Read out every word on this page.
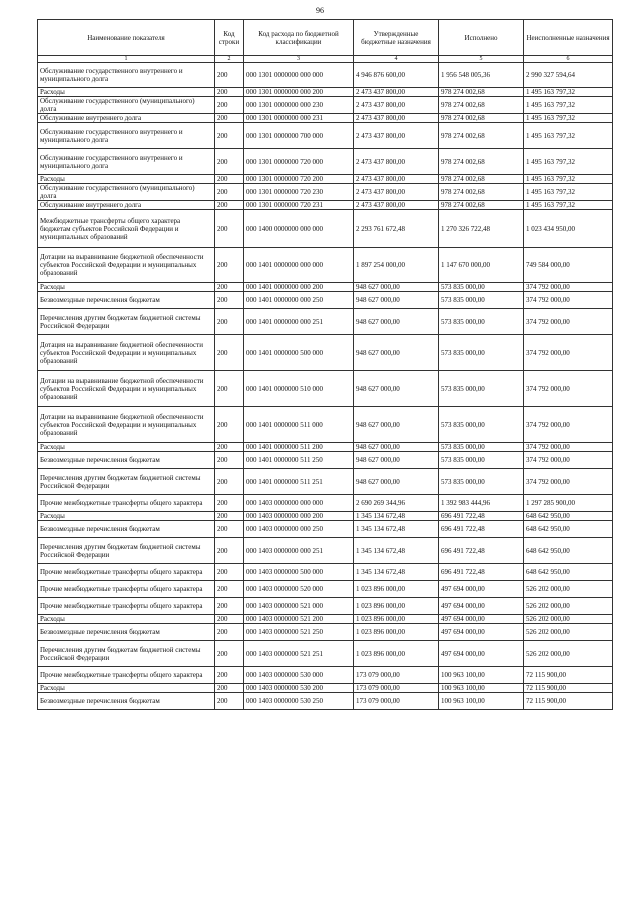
96
Наименование показателя	Код строки	Код расхода по бюджетной классификации	Утвержденные бюджетные назначения	Исполнено	Неисполненные назначения
1	2	3	4	5	6
Обслуживание государственного внутреннего и муниципального долга	200	000 1301 0000000 000 000	4 946 876 600,00	1 956 548 005,36	2 990 327 594,64
Расходы	200	000 1301 0000000 000 200	2 473 437 800,00	978 274 002,68	1 495 163 797,32
Обслуживание государственного (муниципального) долга	200	000 1301 0000000 000 230	2 473 437 800,00	978 274 002,68	1 495 163 797,32
Обслуживание внутреннего долга	200	000 1301 0000000 000 231	2 473 437 800,00	978 274 002,68	1 495 163 797,32
Обслуживание государственного внутреннего и муниципального долга	200	000 1301 0000000 700 000	2 473 437 800,00	978 274 002,68	1 495 163 797,32
Обслуживание государственного внутреннего и муниципального долга	200	000 1301 0000000 720 000	2 473 437 800,00	978 274 002,68	1 495 163 797,32
Расходы	200	000 1301 0000000 720 200	2 473 437 800,00	978 274 002,68	1 495 163 797,32
Обслуживание государственного (муниципального) долга	200	000 1301 0000000 720 230	2 473 437 800,00	978 274 002,68	1 495 163 797,32
Обслуживание внутреннего долга	200	000 1301 0000000 720 231	2 473 437 800,00	978 274 002,68	1 495 163 797,32
Межбюджетные трансферты общего характера бюджетам субъектов Российской Федерации и муниципальных образований	200	000 1400 0000000 000 000	2 293 761 672,48	1 270 326 722,48	1 023 434 950,00
Дотации на выравнивание бюджетной обеспеченности субъектов Российской Федерации и муниципальных образований	200	000 1401 0000000 000 000	1 897 254 000,00	1 147 670 000,00	749 584 000,00
Расходы	200	000 1401 0000000 000 200	948 627 000,00	573 835 000,00	374 792 000,00
Безвозмездные перечисления бюджетам	200	000 1401 0000000 000 250	948 627 000,00	573 835 000,00	374 792 000,00
Перечисления другим бюджетам бюджетной системы Российской Федерации	200	000 1401 0000000 000 251	948 627 000,00	573 835 000,00	374 792 000,00
Дотация на выравнивание бюджетной обеспеченности субъектов Российской Федерации и муниципальных образований	200	000 1401 0000000 500 000	948 627 000,00	573 835 000,00	374 792 000,00
Дотации на выравнивание бюджетной обеспеченности субъектов Российской Федерации и муниципальных образований	200	000 1401 0000000 510 000	948 627 000,00	573 835 000,00	374 792 000,00
Дотации на выравнивание бюджетной обеспеченности субъектов Российской Федерации и муниципальных образований	200	000 1401 0000000 511 000	948 627 000,00	573 835 000,00	374 792 000,00
Расходы	200	000 1401 0000000 511 200	948 627 000,00	573 835 000,00	374 792 000,00
Безвозмездные перечисления бюджетам	200	000 1401 0000000 511 250	948 627 000,00	573 835 000,00	374 792 000,00
Перечисления другим бюджетам бюджетной системы Российской Федерации	200	000 1401 0000000 511 251	948 627 000,00	573 835 000,00	374 792 000,00
Прочие межбюджетные трансферты общего характера	200	000 1403 0000000 000 000	2 690 269 344,96	1 392 983 444,96	1 297 285 900,00
Расходы	200	000 1403 0000000 000 200	1 345 134 672,48	696 491 722,48	648 642 950,00
Безвозмездные перечисления бюджетам	200	000 1403 0000000 000 250	1 345 134 672,48	696 491 722,48	648 642 950,00
Перечисления другим бюджетам бюджетной системы Российской Федерации	200	000 1403 0000000 000 251	1 345 134 672,48	696 491 722,48	648 642 950,00
Прочие межбюджетные трансферты общего характера	200	000 1403 0000000 500 000	1 345 134 672,48	696 491 722,48	648 642 950,00
Прочие межбюджетные трансферты общего характера	200	000 1403 0000000 520 000	1 023 896 000,00	497 694 000,00	526 202 000,00
Прочие межбюджетные трансферты общего характера	200	000 1403 0000000 521 000	1 023 896 000,00	497 694 000,00	526 202 000,00
Расходы	200	000 1403 0000000 521 200	1 023 896 000,00	497 694 000,00	526 202 000,00
Безвозмездные перечисления бюджетам	200	000 1403 0000000 521 250	1 023 896 000,00	497 694 000,00	526 202 000,00
Перечисления другим бюджетам бюджетной системы Российской Федерации	200	000 1403 0000000 521 251	1 023 896 000,00	497 694 000,00	526 202 000,00
Прочие межбюджетные трансферты общего характера	200	000 1403 0000000 530 000	173 079 000,00	100 963 100,00	72 115 900,00
Расходы	200	000 1403 0000000 530 200	173 079 000,00	100 963 100,00	72 115 900,00
Безвозмездные перечисления бюджетам	200	000 1403 0000000 530 250	173 079 000,00	100 963 100,00	72 115 900,00
